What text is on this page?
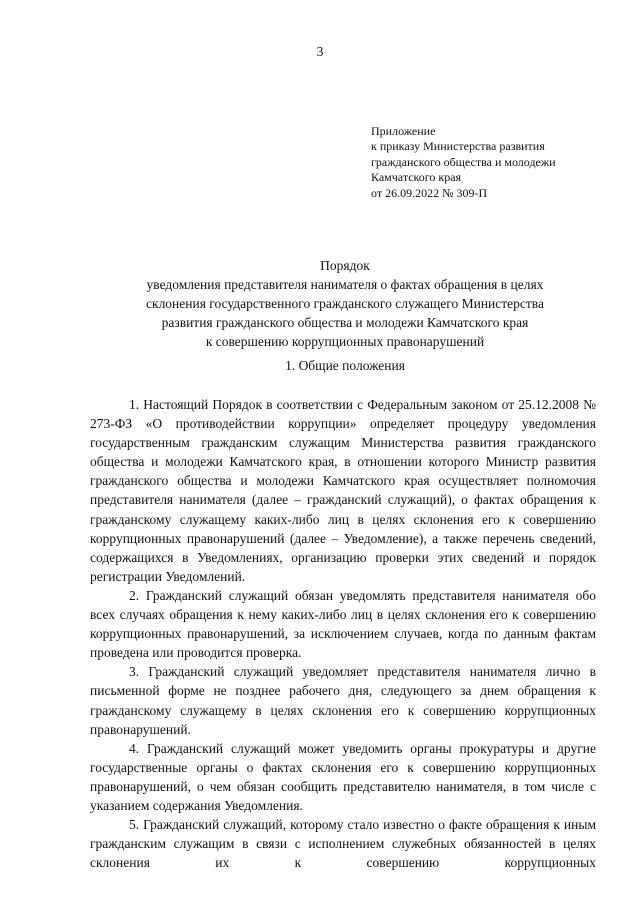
3
Приложение
к приказу Министерства развития
гражданского общества и молодежи
Камчатского края
от 26.09.2022 № 309-П
Порядок
уведомления представителя нанимателя о фактах обращения в целях
склонения государственного гражданского служащего Министерства
развития гражданского общества и молодежи Камчатского края
к совершению коррупционных правонарушений
1. Общие положения

1. Настоящий Порядок в соответствии с Федеральным законом от 25.12.2008 № 273-ФЗ «О противодействии коррупции» определяет процедуру уведомления государственным гражданским служащим Министерства развития гражданского общества и молодежи Камчатского края, в отношении которого Министр развития гражданского общества и молодежи Камчатского края осуществляет полномочия представителя нанимателя (далее – гражданский служащий), о фактах обращения к гражданскому служащему каких-либо лиц в целях склонения его к совершению коррупционных правонарушений (далее – Уведомление), а также перечень сведений, содержащихся в Уведомлениях, организацию проверки этих сведений и порядок регистрации Уведомлений.

2. Гражданский служащий обязан уведомлять представителя нанимателя обо всех случаях обращения к нему каких-либо лиц в целях склонения его к совершению коррупционных правонарушений, за исключением случаев, когда по данным фактам проведена или проводится проверка.

3. Гражданский служащий уведомляет представителя нанимателя лично в письменной форме не позднее рабочего дня, следующего за днем обращения к гражданскому служащему в целях склонения его к совершению коррупционных правонарушений.

4. Гражданский служащий может уведомить органы прокуратуры и другие государственные органы о фактах склонения его к совершению коррупционных правонарушений, о чем обязан сообщить представителю нанимателя, в том числе с указанием содержания Уведомления.

5. Гражданский служащий, которому стало известно о факте обращения к иным гражданским служащим в связи с исполнением служебных обязанностей в целях склонения их к совершению коррупционных
